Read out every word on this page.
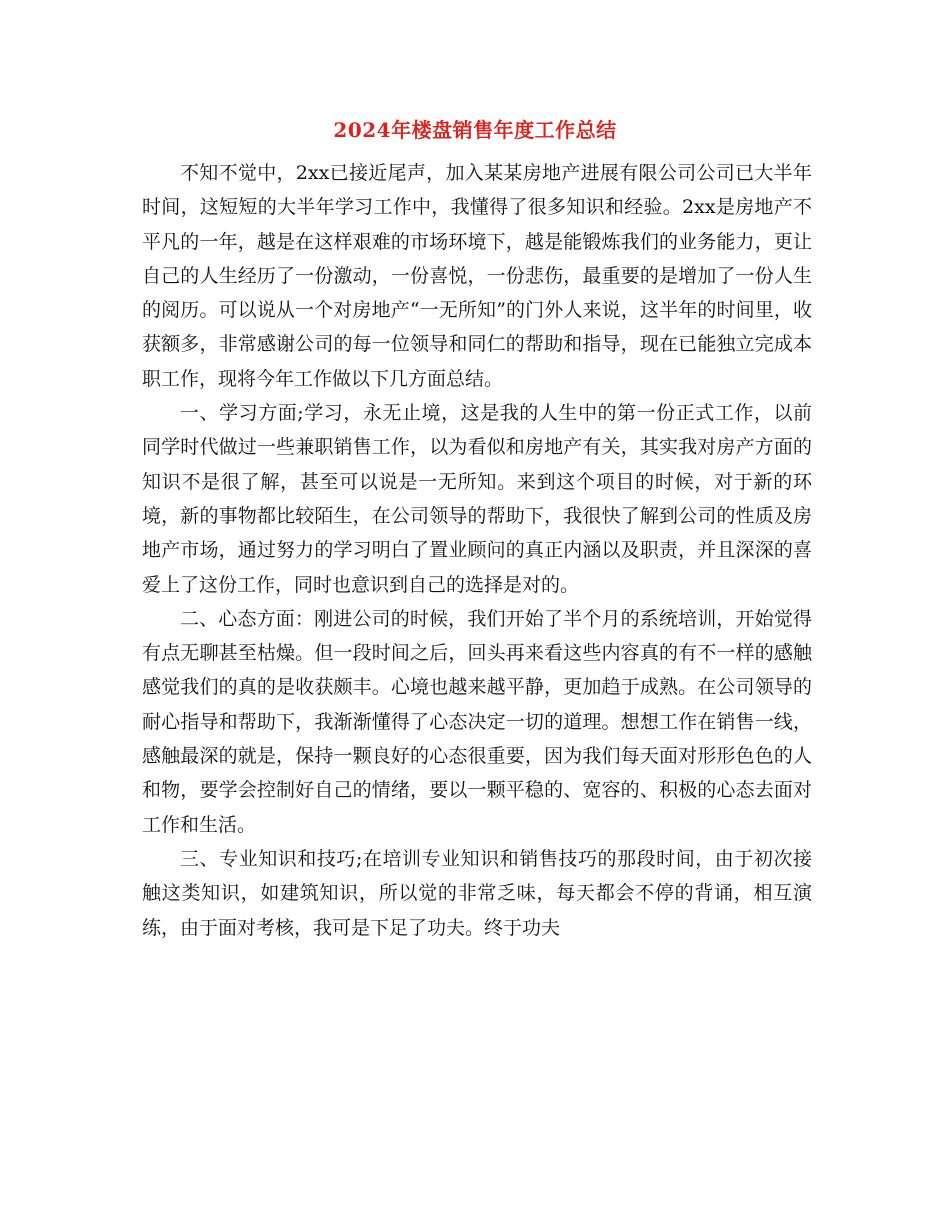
2024年楼盘销售年度工作总结

不知不觉中，2xx已接近尾声，加入某某房地产进展有限公司公司已大半年时间，这短短的大半年学习工作中，我懂得了很多知识和经验。2xx是房地产不平凡的一年，越是在这样艰难的市场环境下，越是能锻炼我们的业务能力，更让自己的人生经历了一份激动，一份喜悦，一份悲伤，最重要的是增加了一份人生的阅历。可以说从一个对房地产“一无所知”的门外人来说，这半年的时间里，收获额多，非常感谢公司的每一位领导和同仁的帮助和指导，现在已能独立完成本职工作，现将今年工作做以下几方面总结。

一、学习方面;学习，永无止境，这是我的人生中的第一份正式工作，以前同学时代做过一些兼职销售工作，以为看似和房地产有关，其实我对房产方面的知识不是很了解，甚至可以说是一无所知。来到这个项目的时候，对于新的环境，新的事物都比较陌生，在公司领导的帮助下，我很快了解到公司的性质及房地产市场，通过努力的学习明白了置业顾问的真正内涵以及职责，并且深深的喜爱上了这份工作，同时也意识到自己的选择是对的。

二、心态方面：刚进公司的时候，我们开始了半个月的系统培训，开始觉得有点无聊甚至枯燥。但一段时间之后，回头再来看这些内容真的有不一样的感触感觉我们的真的是收获颇丰。心境也越来越平静，更加趋于成熟。在公司领导的耐心指导和帮助下，我渐渐懂得了心态决定一切的道理。想想工作在销售一线，感触最深的就是，保持一颗良好的心态很重要，因为我们每天面对形形色色的人和物，要学会控制好自己的情绪，要以一颗平稳的、宽容的、积极的心态去面对工作和生活。

三、专业知识和技巧;在培训专业知识和销售技巧的那段时间，由于初次接触这类知识，如建筑知识，所以觉的非常乏味，每天都会不停的背诵，相互演练，由于面对考核，我可是下足了功夫。终于功夫
